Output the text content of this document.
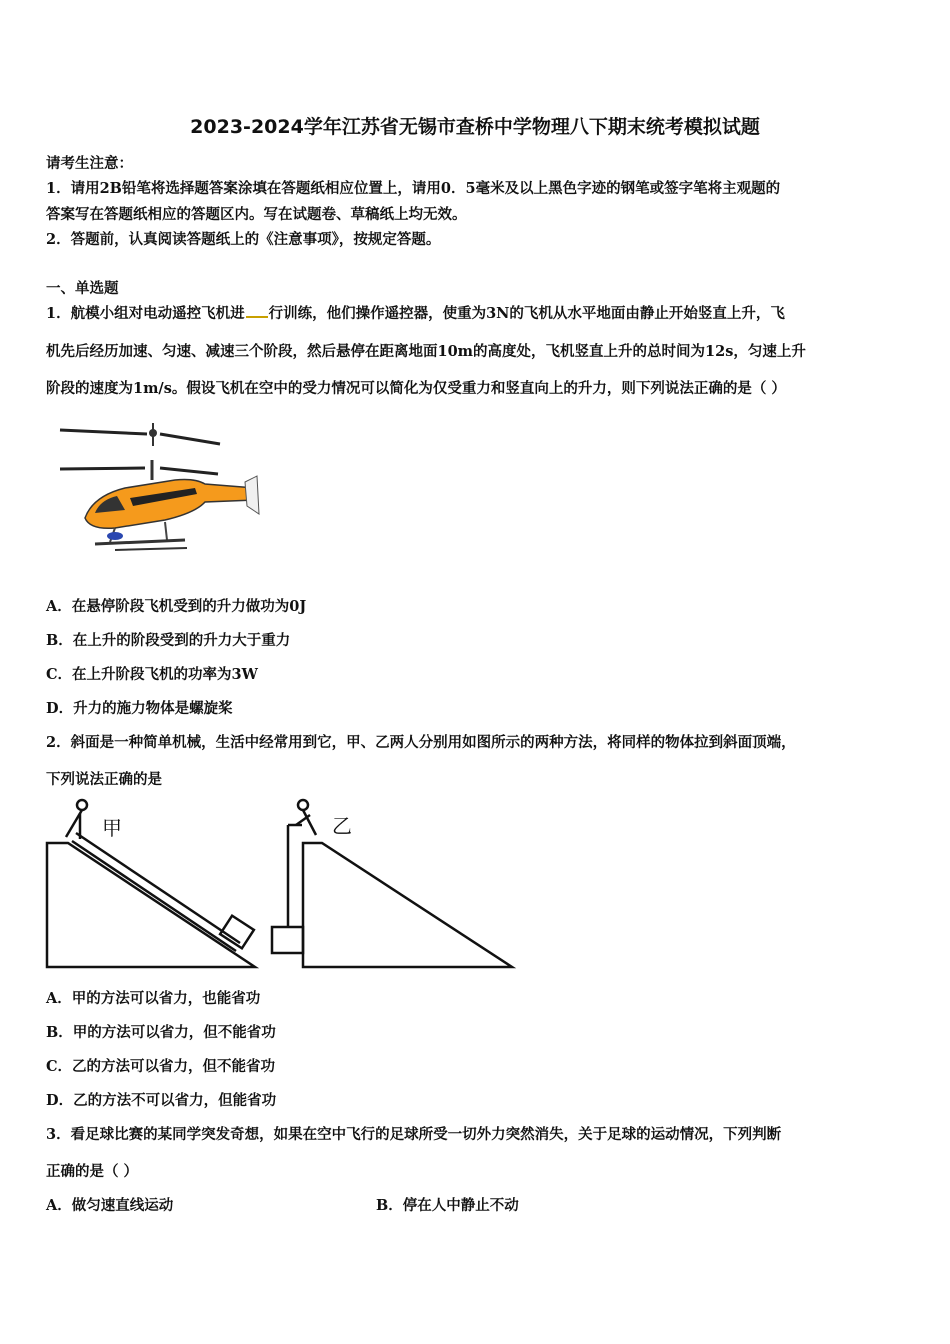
2023-2024学年江苏省无锡市查桥中学物理八下期末统考模拟试题
请考生注意：
1．请用2B铅笔将选择题答案涂填在答题纸相应位置上，请用0．5毫米及以上黑色字迹的钢笔或签字笔将主观题的
答案写在答题纸相应的答题区内。写在试题卷、草稿纸上均无效。
2．答题前，认真阅读答题纸上的《注意事项》，按规定答题。
一、单选题
1．航模小组对电动遥控飞机进 行训练，他们操作遥控器，使重为3N的飞机从水平地面由静止开始竖直上升，飞
机先后经历加速、匀速、减速三个阶段，然后悬停在距离地面10m的高度处，飞机竖直上升的总时间为12s，匀速上升
阶段的速度为1m/s。假设飞机在空中的受力情况可以简化为仅受重力和竖直向上的升力，则下列说法正确的是（ ）
A．在悬停阶段飞机受到的升力做功为0J
B．在上升的阶段受到的升力大于重力
C．在上升阶段飞机的功率为3W
D．升力的施力物体是螺旋桨
2．斜面是一种简单机械，生活中经常用到它，甲、乙两人分别用如图所示的两种方法，将同样的物体拉到斜面顶端，
下列说法正确的是
甲	乙
A．甲的方法可以省力，也能省功
B．甲的方法可以省力，但不能省功
C．乙的方法可以省力，但不能省功
D．乙的方法不可以省力，但能省功
3．看足球比赛的某同学突发奇想，如果在空中飞行的足球所受一切外力突然消失，关于足球的运动情况，下列判断
正确的是（ ）
A．做匀速直线运动	B．停在人中静止不动
